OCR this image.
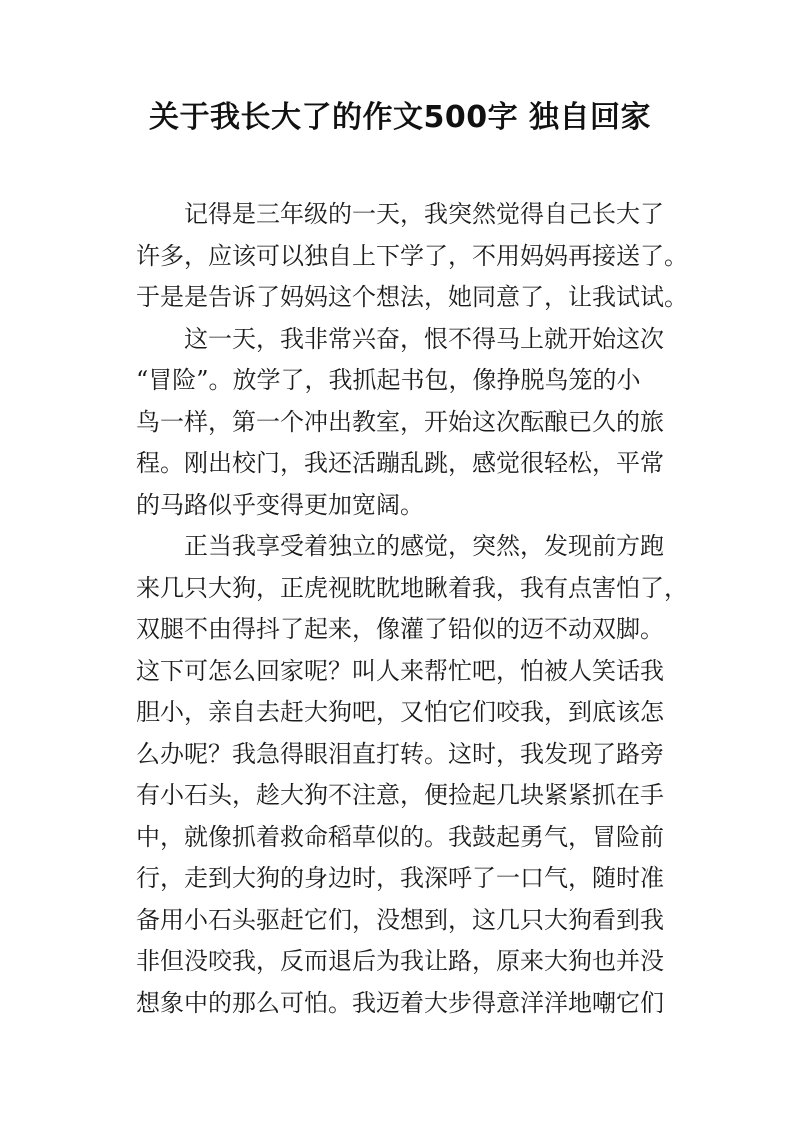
关于我长大了的作文500字 独自回家
记得是三年级的一天，我突然觉得自己长大了
许多，应该可以独自上下学了，不用妈妈再接送了。
于是是告诉了妈妈这个想法，她同意了，让我试试。
这一天，我非常兴奋，恨不得马上就开始这次
“冒险”。放学了，我抓起书包，像挣脱鸟笼的小
鸟一样，第一个冲出教室，开始这次酝酿已久的旅
程。刚出校门，我还活蹦乱跳，感觉很轻松，平常
的马路似乎变得更加宽阔。
正当我享受着独立的感觉，突然，发现前方跑
来几只大狗，正虎视眈眈地瞅着我，我有点害怕了，
双腿不由得抖了起来，像灌了铅似的迈不动双脚。
这下可怎么回家呢？叫人来帮忙吧，怕被人笑话我
胆小，亲自去赶大狗吧，又怕它们咬我，到底该怎
么办呢？我急得眼泪直打转。这时，我发现了路旁
有小石头，趁大狗不注意，便捡起几块紧紧抓在手
中，就像抓着救命稻草似的。我鼓起勇气，冒险前
行，走到大狗的身边时，我深呼了一口气，随时准
备用小石头驱赶它们，没想到，这几只大狗看到我
非但没咬我，反而退后为我让路，原来大狗也并没
想象中的那么可怕。我迈着大步得意洋洋地嘲它们
